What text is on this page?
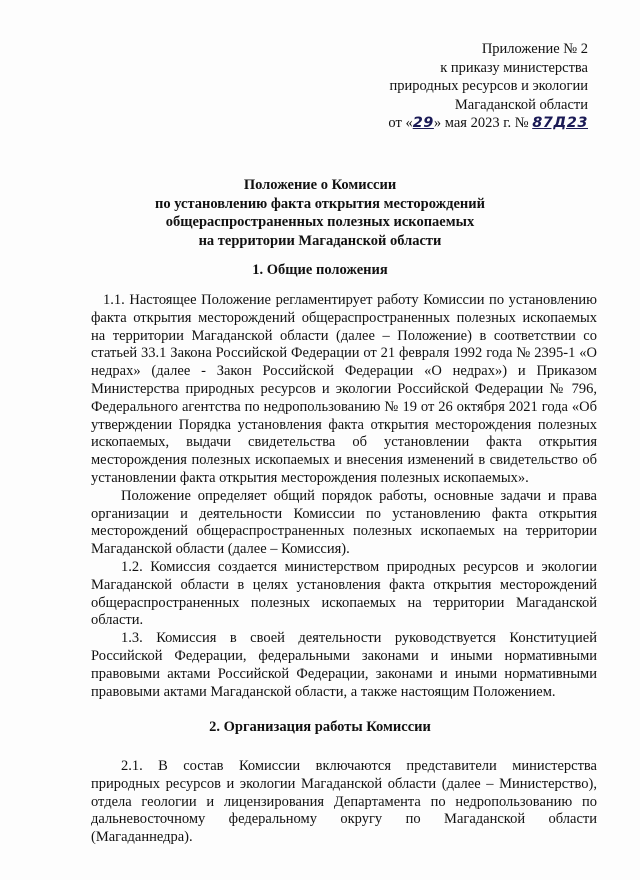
Приложение № 2
к приказу министерства
природных ресурсов и экологии
Магаданской области
от «29» мая 2023 г. № 87Д23
Положение о Комиссии
по установлению факта открытия месторождений
общераспространенных полезных ископаемых
на территории Магаданской области
1. Общие положения

1.1. Настоящее Положение регламентирует работу Комиссии по установлению факта открытия месторождений общераспространенных полезных ископаемых на территории Магаданской области (далее – Положение) в соответствии со статьей 33.1 Закона Российской Федерации от 21 февраля 1992 года № 2395-1 «О недрах» (далее - Закон Российской Федерации «О недрах») и Приказом Министерства природных ресурсов и экологии Российской Федерации № 796, Федерального агентства по недропользованию № 19 от 26 октября 2021 года «Об утверждении Порядка установления факта открытия месторождения полезных ископаемых, выдачи свидетельства об установлении факта открытия месторождения полезных ископаемых и внесения изменений в свидетельство об установлении факта открытия месторождения полезных ископаемых».

Положение определяет общий порядок работы, основные задачи и права организации и деятельности Комиссии по установлению факта открытия месторождений общераспространенных полезных ископаемых на территории Магаданской области (далее – Комиссия).

1.2. Комиссия создается министерством природных ресурсов и экологии Магаданской области в целях установления факта открытия месторождений общераспространенных полезных ископаемых на территории Магаданской области.

1.3. Комиссия в своей деятельности руководствуется Конституцией Российской Федерации, федеральными законами и иными нормативными правовыми актами Российской Федерации, законами и иными нормативными правовыми актами Магаданской области, а также настоящим Положением.

2. Организация работы Комиссии

2.1. В состав Комиссии включаются представители министерства природных ресурсов и экологии Магаданской области (далее – Министерство), отдела геологии и лицензирования Департамента по недропользованию по дальневосточному федеральному округу по Магаданской области (Магаданнедра).
